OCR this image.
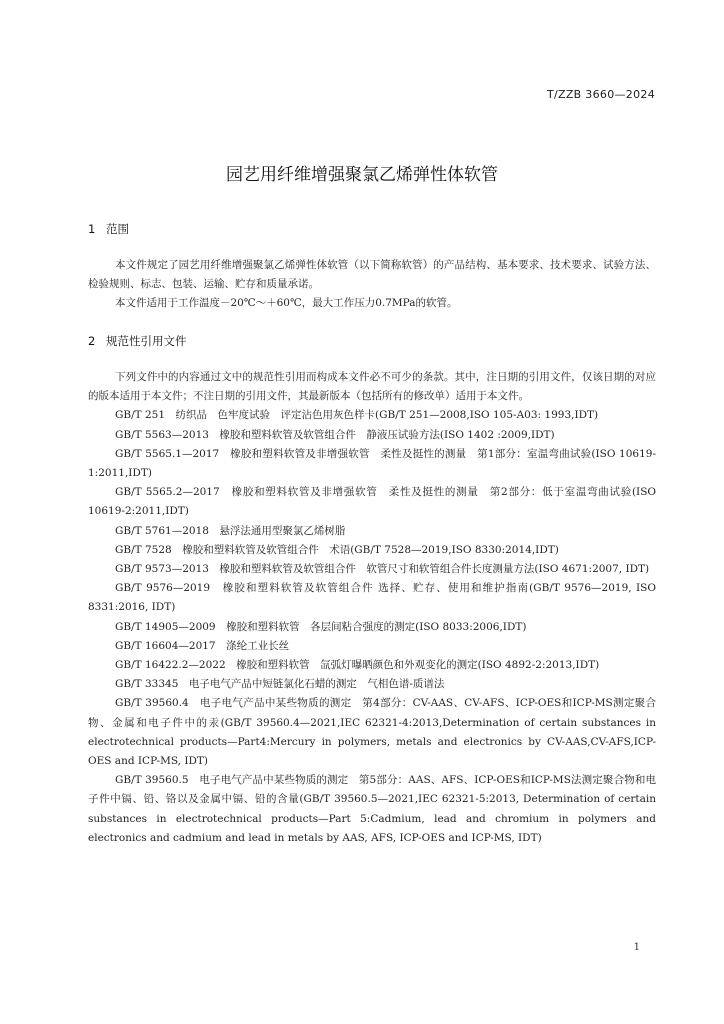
T/ZZB 3660—2024
园艺用纤维增强聚氯乙烯弹性体软管
1 范围

本文件规定了园艺用纤维增强聚氯乙烯弹性体软管（以下简称软管）的产品结构、基本要求、技术要求、试验方法、检验规则、标志、包装、运输、贮存和质量承诺。

本文件适用于工作温度－20℃～＋60℃，最大工作压力0.7MPa的软管。

2 规范性引用文件

下列文件中的内容通过文中的规范性引用而构成本文件必不可少的条款。其中，注日期的引用文件，仅该日期的对应的版本适用于本文件；不注日期的引用文件，其最新版本（包括所有的修改单）适用于本文件。

GB/T 251　纺织品　色牢度试验　评定沾色用灰色样卡(GB/T 251—2008,ISO 105-A03: 1993,IDT)

GB/T 5563—2013　橡胶和塑料软管及软管组合件　静液压试验方法(ISO 1402 :2009,IDT)

GB/T 5565.1—2017　橡胶和塑料软管及非增强软管　柔性及挺性的测量　第1部分：室温弯曲试验(ISO 10619-1:2011,IDT)

GB/T 5565.2—2017　橡胶和塑料软管及非增强软管　柔性及挺性的测量　第2部分：低于室温弯曲试验(ISO 10619-2:2011,IDT)

GB/T 5761—2018　悬浮法通用型聚氯乙烯树脂

GB/T 7528　橡胶和塑料软管及软管组合件　术语(GB/T 7528—2019,ISO 8330:2014,IDT)

GB/T 9573—2013　橡胶和塑料软管及软管组合件　软管尺寸和软管组合件长度测量方法(ISO 4671:2007, IDT)

GB/T 9576—2019　橡胶和塑料软管及软管组合件 选择、贮存、使用和维护指南(GB/T 9576—2019, ISO 8331:2016, IDT)

GB/T 14905—2009　橡胶和塑料软管　各层间粘合强度的测定(ISO 8033:2006,IDT)

GB/T 16604—2017　涤纶工业长丝

GB/T 16422.2—2022　橡胶和塑料软管　氙弧灯曝晒颜色和外观变化的测定(ISO 4892-2:2013,IDT)

GB/T 33345　电子电气产品中短链氯化石蜡的测定　气相色谱-质谱法

GB/T 39560.4　电子电气产品中某些物质的测定　第4部分：CV-AAS、CV-AFS、ICP-OES和ICP-MS测定聚合物、金属和电子件中的汞(GB/T 39560.4—2021,IEC 62321-4:2013,Determination of certain substances in electrotechnical products—Part4:Mercury in polymers, metals and electronics by CV-AAS,CV-AFS,ICP-OES and ICP-MS, IDT)

GB/T 39560.5　电子电气产品中某些物质的测定　第5部分：AAS、AFS、ICP-OES和ICP-MS法测定聚合物和电子件中镉、铅、铬以及金属中镉、铅的含量(GB/T 39560.5—2021,IEC 62321-5:2013, Determination of certain substances in electrotechnical products—Part 5:Cadmium, lead and chromium in polymers and electronics and cadmium and lead in metals by AAS, AFS, ICP-OES and ICP-MS, IDT)

1
